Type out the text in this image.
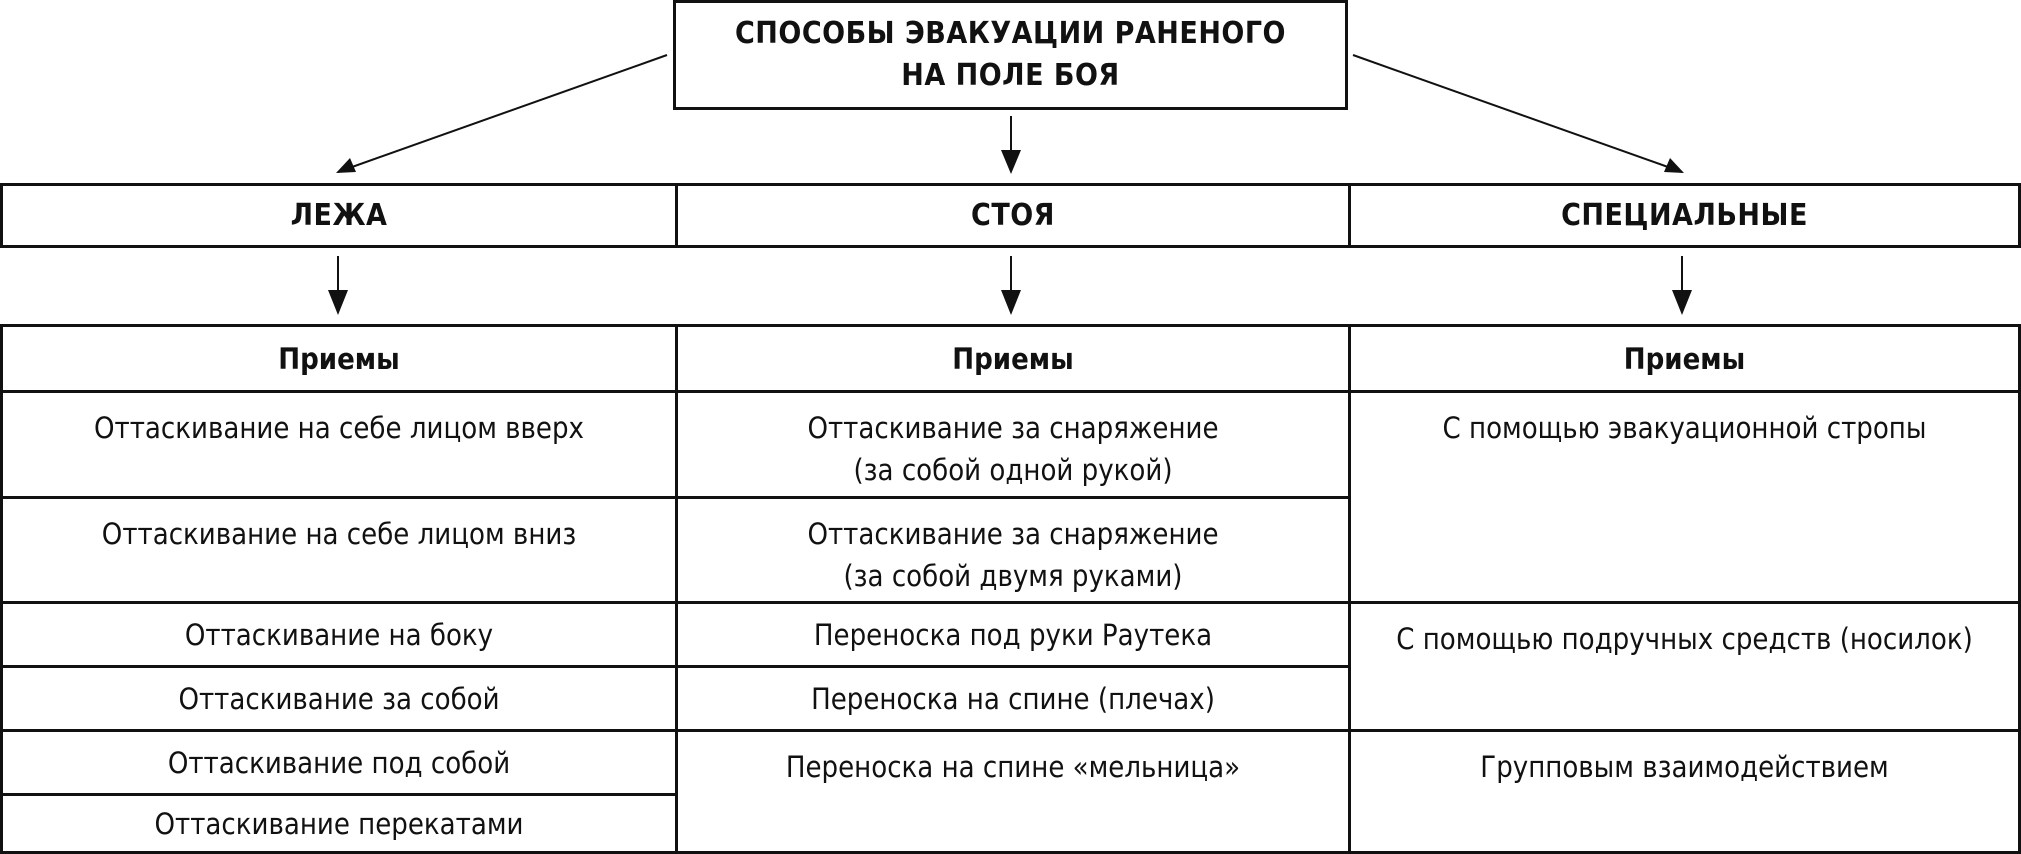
СПОСОБЫ ЭВАКУАЦИИ РАНЕНОГО
НА ПОЛЕ БОЯ
ЛЕЖА	СТОЯ	СПЕЦИАЛЬНЫЕ
Приемы
Оттаскивание на себе лицом вверх
Оттаскивание на себе лицом вниз
Оттаскивание на боку
Оттаскивание за собой
Оттаскивание под собой
Оттаскивание перекатами
Приемы
Оттаскивание за снаряжение
(за собой одной рукой)
Оттаскивание за снаряжение
(за собой двумя руками)
Переноска под руки Раутека
Переноска на спине (плечах)
Переноска на спине «мельница»
Приемы
С помощью эвакуационной стропы
С помощью подручных средств (носилок)
Групповым взаимодействием
